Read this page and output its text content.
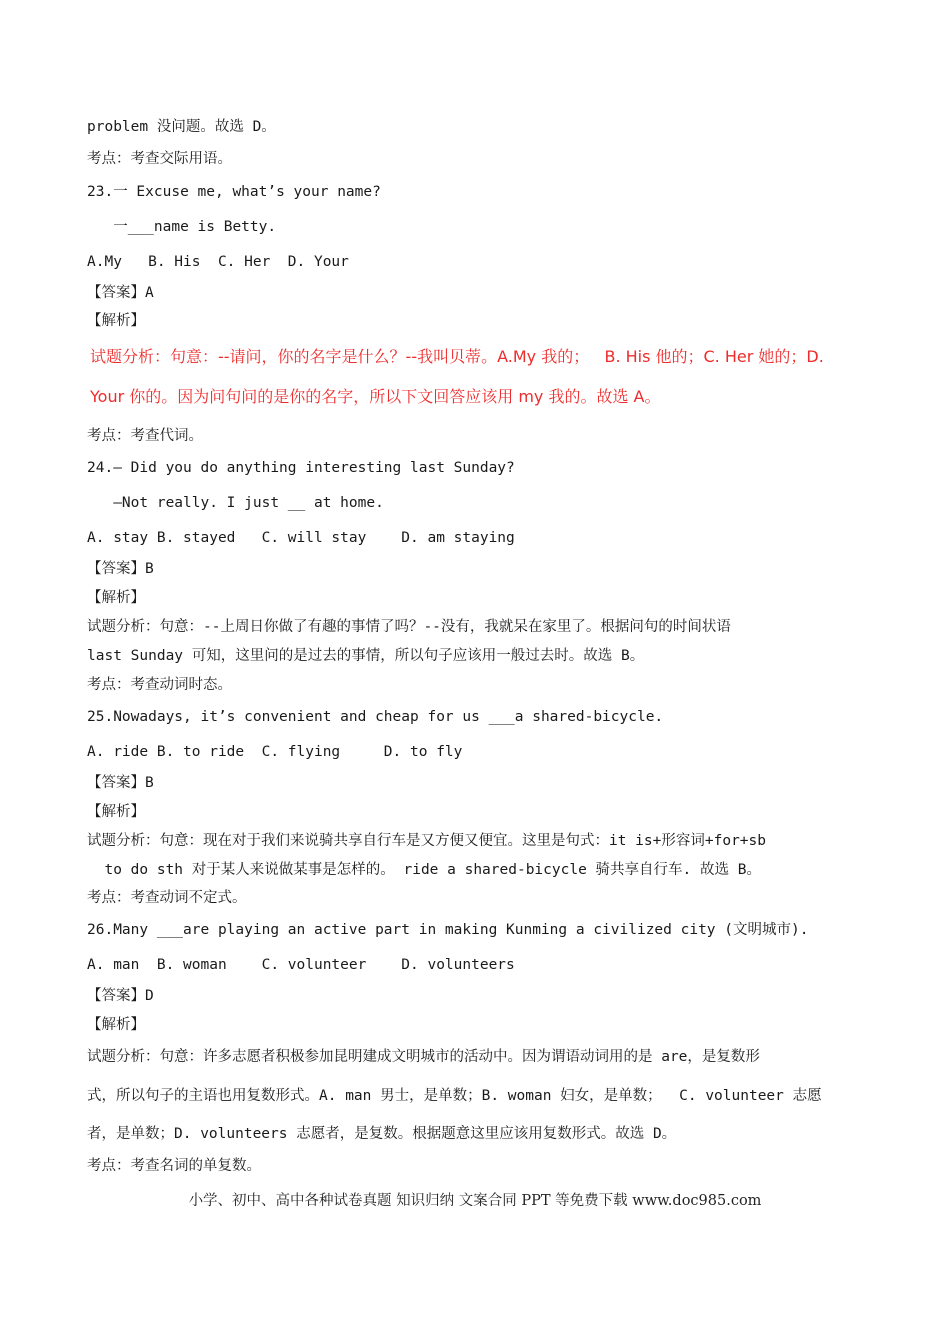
problem 没问题。故选 D。
考点：考查交际用语。
23.一 Excuse me, what’s your name?
一___name is Betty.
A.My   B. His  C. Her  D. Your
【答案】A
【解析】
试题分析：句意：--请问，你的名字是什么？--我叫贝蒂。A.My 我的；   B. His 他的；C. Her 她的；D.
Your 你的。因为问句问的是你的名字，所以下文回答应该用 my 我的。故选 A。
考点：考查代词。
24.— Did you do anything interesting last Sunday?
—Not really. I just __ at home.
A. stay B. stayed   C. will stay    D. am staying
【答案】B
【解析】
试题分析：句意：--上周日你做了有趣的事情了吗？--没有，我就呆在家里了。根据问句的时间状语
last Sunday 可知，这里问的是过去的事情，所以句子应该用一般过去时。故选 B。
考点：考查动词时态。
25.Nowadays, it’s convenient and cheap for us ___a shared-bicycle.
A. ride B. to ride  C. flying     D. to fly
【答案】B
【解析】
试题分析：句意：现在对于我们来说骑共享自行车是又方便又便宜。这里是句式：it is+形容词+for+sb
to do sth 对于某人来说做某事是怎样的。 ride a shared-bicycle 骑共享自行车. 故选 B。
考点：考查动词不定式。
26.Many ___are playing an active part in making Kunming a civilized city (文明城市).
A. man  B. woman    C. volunteer    D. volunteers
【答案】D
【解析】
试题分析：句意：许多志愿者积极参加昆明建成文明城市的活动中。因为谓语动词用的是 are，是复数形
式，所以句子的主语也用复数形式。A. man 男士，是单数；B. woman 妇女，是单数；  C. volunteer 志愿
者，是单数；D. volunteers 志愿者，是复数。根据题意这里应该用复数形式。故选 D。
考点：考查名词的单复数。
小学、初中、高中各种试卷真题 知识归纳 文案合同 PPT 等免费下载 www.doc985.com
